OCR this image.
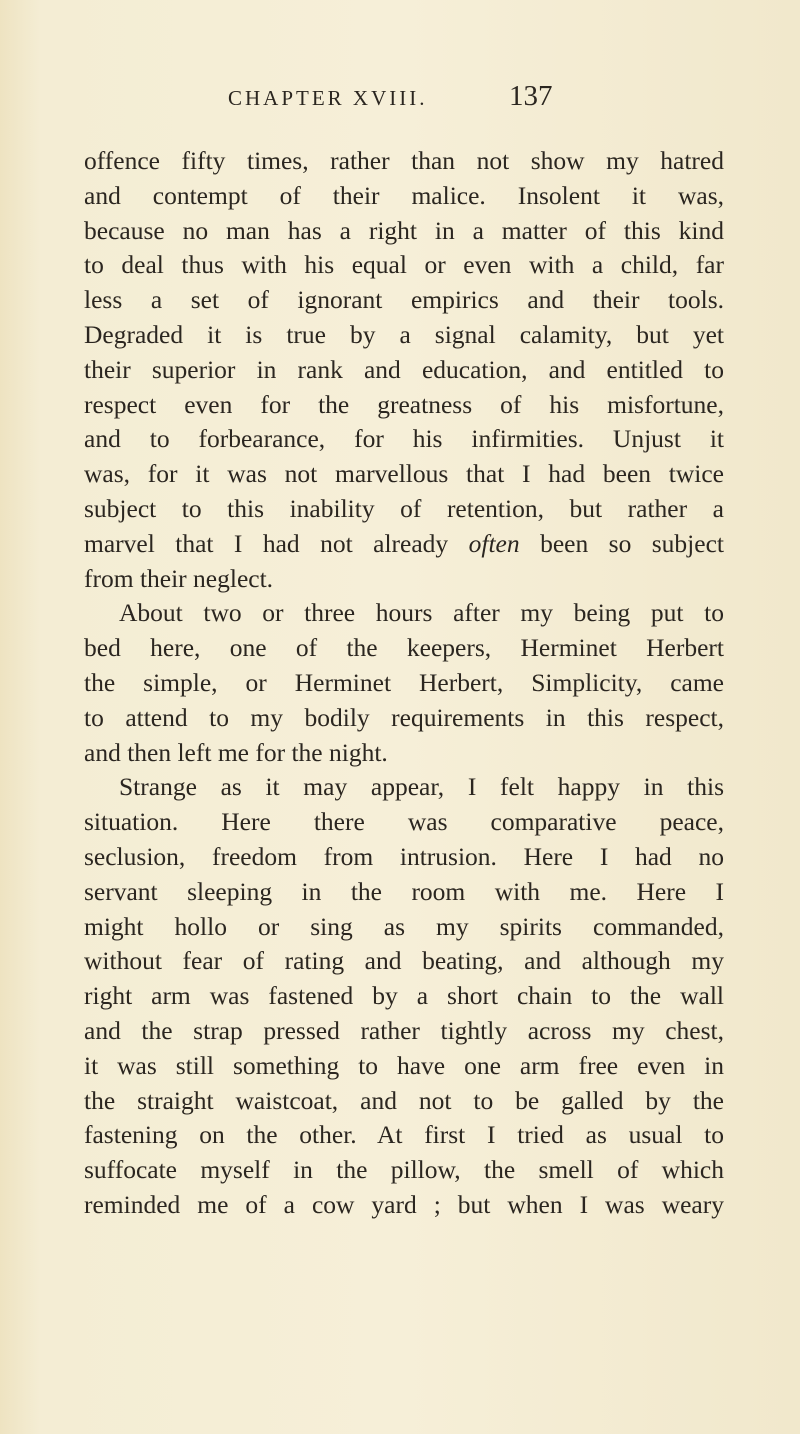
CHAPTER XVIII.	137
offence fifty times, rather than not show my hatred
and contempt of their malice. Insolent it was,
because no man has a right in a matter of this kind
to deal thus with his equal or even with a child, far
less a set of ignorant empirics and their tools.
Degraded it is true by a signal calamity, but yet
their superior in rank and education, and entitled to
respect even for the greatness of his misfortune,
and to forbearance, for his infirmities. Unjust it
was, for it was not marvellous that I had been twice
subject to this inability of retention, but rather a
marvel that I had not already often been so subject
from their neglect.
About two or three hours after my being put to
bed here, one of the keepers, Herminet Herbert
the simple, or Herminet Herbert, Simplicity, came
to attend to my bodily requirements in this respect,
and then left me for the night.
Strange as it may appear, I felt happy in this
situation. Here there was comparative peace,
seclusion, freedom from intrusion. Here I had no
servant sleeping in the room with me. Here I
might hollo or sing as my spirits commanded,
without fear of rating and beating, and although my
right arm was fastened by a short chain to the wall
and the strap pressed rather tightly across my chest,
it was still something to have one arm free even in
the straight waistcoat, and not to be galled by the
fastening on the other. At first I tried as usual to
suffocate myself in the pillow, the smell of which
reminded me of a cow yard ; but when I was weary
